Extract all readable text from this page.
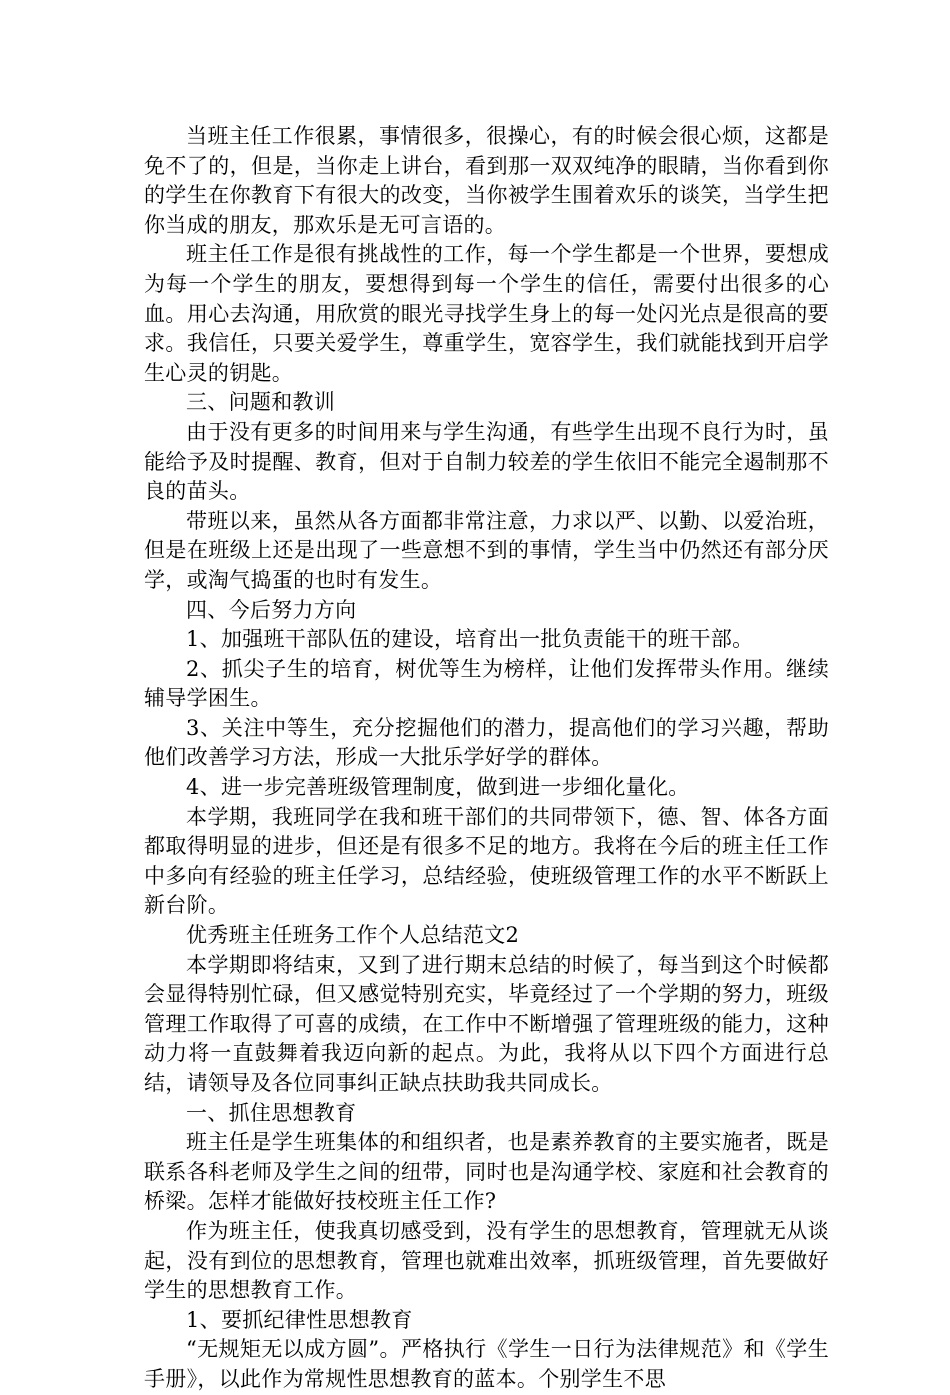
当班主任工作很累，事情很多，很操心，有的时候会很心烦，这都是免不了的，但是，当你走上讲台，看到那一双双纯净的眼睛，当你看到你的学生在你教育下有很大的改变，当你被学生围着欢乐的谈笑，当学生把你当成的朋友，那欢乐是无可言语的。

班主任工作是很有挑战性的工作，每一个学生都是一个世界，要想成为每一个学生的朋友，要想得到每一个学生的信任，需要付出很多的心血。用心去沟通，用欣赏的眼光寻找学生身上的每一处闪光点是很高的要求。我信任，只要关爱学生，尊重学生，宽容学生，我们就能找到开启学生心灵的钥匙。

三、问题和教训

由于没有更多的时间用来与学生沟通，有些学生出现不良行为时，虽能给予及时提醒、教育，但对于自制力较差的学生依旧不能完全遏制那不良的苗头。

带班以来，虽然从各方面都非常注意，力求以严、以勤、以爱治班，但是在班级上还是出现了一些意想不到的事情，学生当中仍然还有部分厌学，或淘气捣蛋的也时有发生。

四、今后努力方向

1、加强班干部队伍的建设，培育出一批负责能干的班干部。

2、抓尖子生的培育，树优等生为榜样，让他们发挥带头作用。继续辅导学困生。

3、关注中等生，充分挖掘他们的潜力，提高他们的学习兴趣，帮助他们改善学习方法，形成一大批乐学好学的群体。

4、进一步完善班级管理制度，做到进一步细化量化。

本学期，我班同学在我和班干部们的共同带领下，德、智、体各方面都取得明显的进步，但还是有很多不足的地方。我将在今后的班主任工作中多向有经验的班主任学习，总结经验，使班级管理工作的水平不断跃上新台阶。

优秀班主任班务工作个人总结范文2

本学期即将结束，又到了进行期末总结的时候了，每当到这个时候都会显得特别忙碌，但又感觉特别充实，毕竟经过了一个学期的努力，班级管理工作取得了可喜的成绩，在工作中不断增强了管理班级的能力，这种动力将一直鼓舞着我迈向新的起点。为此，我将从以下四个方面进行总结，请领导及各位同事纠正缺点扶助我共同成长。

一、抓住思想教育

班主任是学生班集体的和组织者，也是素养教育的主要实施者，既是联系各科老师及学生之间的纽带，同时也是沟通学校、家庭和社会教育的桥梁。怎样才能做好技校班主任工作?

作为班主任，使我真切感受到，没有学生的思想教育，管理就无从谈起，没有到位的思想教育，管理也就难出效率，抓班级管理，首先要做好学生的思想教育工作。

1、要抓纪律性思想教育

“无规矩无以成方圆”。严格执行《学生一日行为法律规范》和《学生手册》，以此作为常规性思想教育的蓝本。个别学生不思
